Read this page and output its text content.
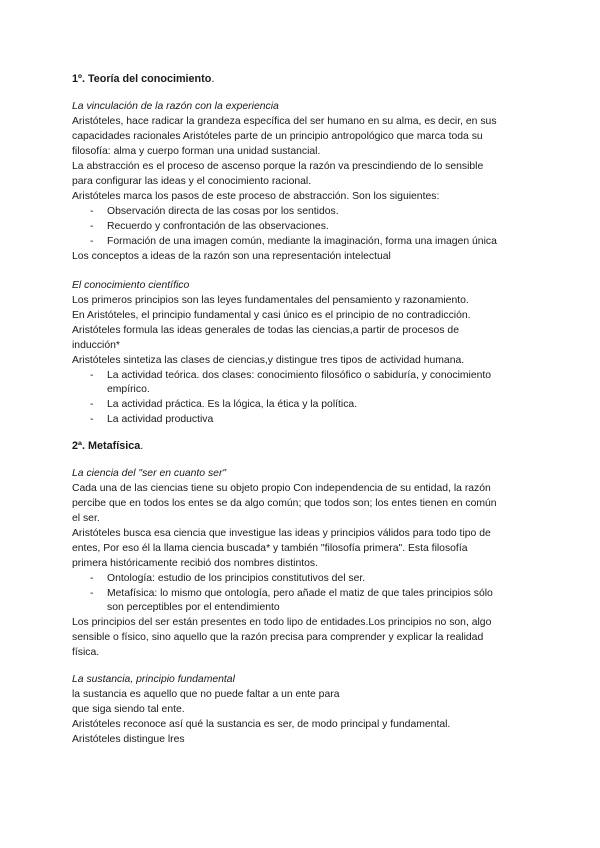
1º. Teoría del conocimiento.
La vinculación de la razón con la experiencia
Aristóteles, hace radicar la grandeza específica del ser humano en su alma, es decir, en sus
capacidades racionales Aristóteles parte de un principio antropológico que marca toda su
filosofía: alma y cuerpo forman una unidad sustancial.
La abstracción es el proceso de ascenso porque la razón va prescindiendo de lo sensible
para configurar las ideas y el conocimiento racional.
Aristóteles marca los pasos de este proceso de abstracción. Son los siguientes:
- Observación directa de las cosas por los sentidos.
- Recuerdo y confrontación de las observaciones.
- Formación de una imagen común, mediante la imaginación, forma una imagen única
Los conceptos a ideas de la razón son una representación intelectual
El conocimiento científico
Los primeros principios son las leyes fundamentales del pensamiento y razonamiento.
En Aristóteles, el principio fundamental y casi único es el principio de no contradicción.
Aristóteles formula las ideas generales de todas las ciencias,a partir de procesos de
inducción*
Aristóteles sintetiza las clases de ciencias,y distingue tres tipos de actividad humana.
- La actividad teórica. dos clases: conocimiento filosófico o sabiduría, y conocimiento
empírico.
- La actividad práctica. Es la lógica, la ética y la política.
- La actividad productiva
2ª. Metafísica.
La ciencia del "ser en cuanto ser"
Cada una de las ciencias tiene su objeto propio Con independencia de su entidad, la razón
percibe que en todos los entes se da algo común; que todos son; los entes tienen en común
el ser.
Aristóteles busca esa ciencia que investigue las ideas y principios válidos para todo tipo de
entes, Por eso él la llama ciencia buscada* y también "filosofía primera". Esta filosofía
primera históricamente recibió dos nombres distintos.
- Ontología: estudio de los principios constitutivos del ser.
- Metafísica: lo mismo que ontología, pero añade el matiz de que tales principios sólo
son perceptibles por el entendimiento
Los principios del ser están presentes en todo lipo de entidades.Los principios no son, algo
sensible o físico, sino aquello que la razón precisa para comprender y explicar la realidad
física.
La sustancia, principio fundamental
la sustancia es aquello que no puede faltar a un ente para
que siga siendo tal ente.
Aristóteles reconoce así qué la sustancia es ser, de modo principal y fundamental.
Aristóteles distingue lres
